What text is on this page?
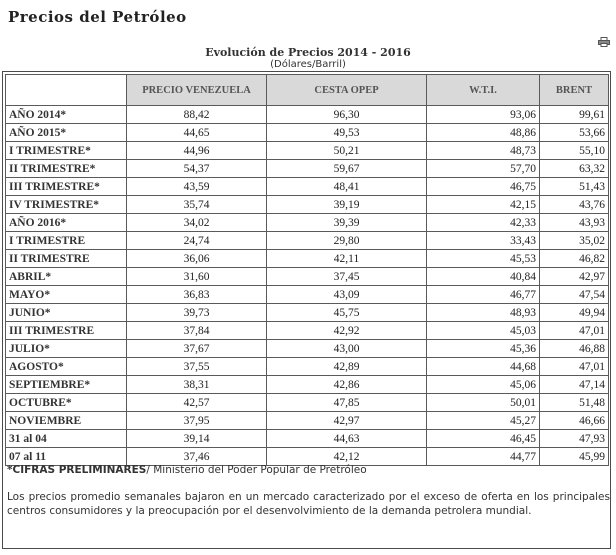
Precios del Petróleo
Evolución de Precios 2014 - 2016
(Dólares/Barril)
	PRECIO VENEZUELA	CESTA OPEP	W.T.I.	BRENT
AÑO 2014*	88,42	96,30	93,06	99,61
AÑO 2015*	44,65	49,53	48,86	53,66
I TRIMESTRE*	44,96	50,21	48,73	55,10
II TRIMESTRE*	54,37	59,67	57,70	63,32
III TRIMESTRE*	43,59	48,41	46,75	51,43
IV TRIMESTRE*	35,74	39,19	42,15	43,76
AÑO 2016*	34,02	39,39	42,33	43,93
I TRIMESTRE	24,74	29,80	33,43	35,02
II TRIMESTRE	36,06	42,11	45,53	46,82
ABRIL*	31,60	37,45	40,84	42,97
MAYO*	36,83	43,09	46,77	47,54
JUNIO*	39,73	45,75	48,93	49,94
III TRIMESTRE	37,84	42,92	45,03	47,01
JULIO*	37,67	43,00	45,36	46,88
AGOSTO*	37,55	42,89	44,68	47,01
SEPTIEMBRE*	38,31	42,86	45,06	47,14
OCTUBRE*	42,57	47,85	50,01	51,48
NOVIEMBRE	37,95	42,97	45,27	46,66
31 al 04	39,14	44,63	46,45	47,93
07 al 11	37,46	42,12	44,77	45,99

*CIFRAS PRELIMINARES/ Ministerio del Poder Popular de Pretróleo

Los precios promedio semanales bajaron en un mercado caracterizado por el exceso de oferta en los principales centros consumidores y la preocupación por el desenvolvimiento de la demanda petrolera mundial.
